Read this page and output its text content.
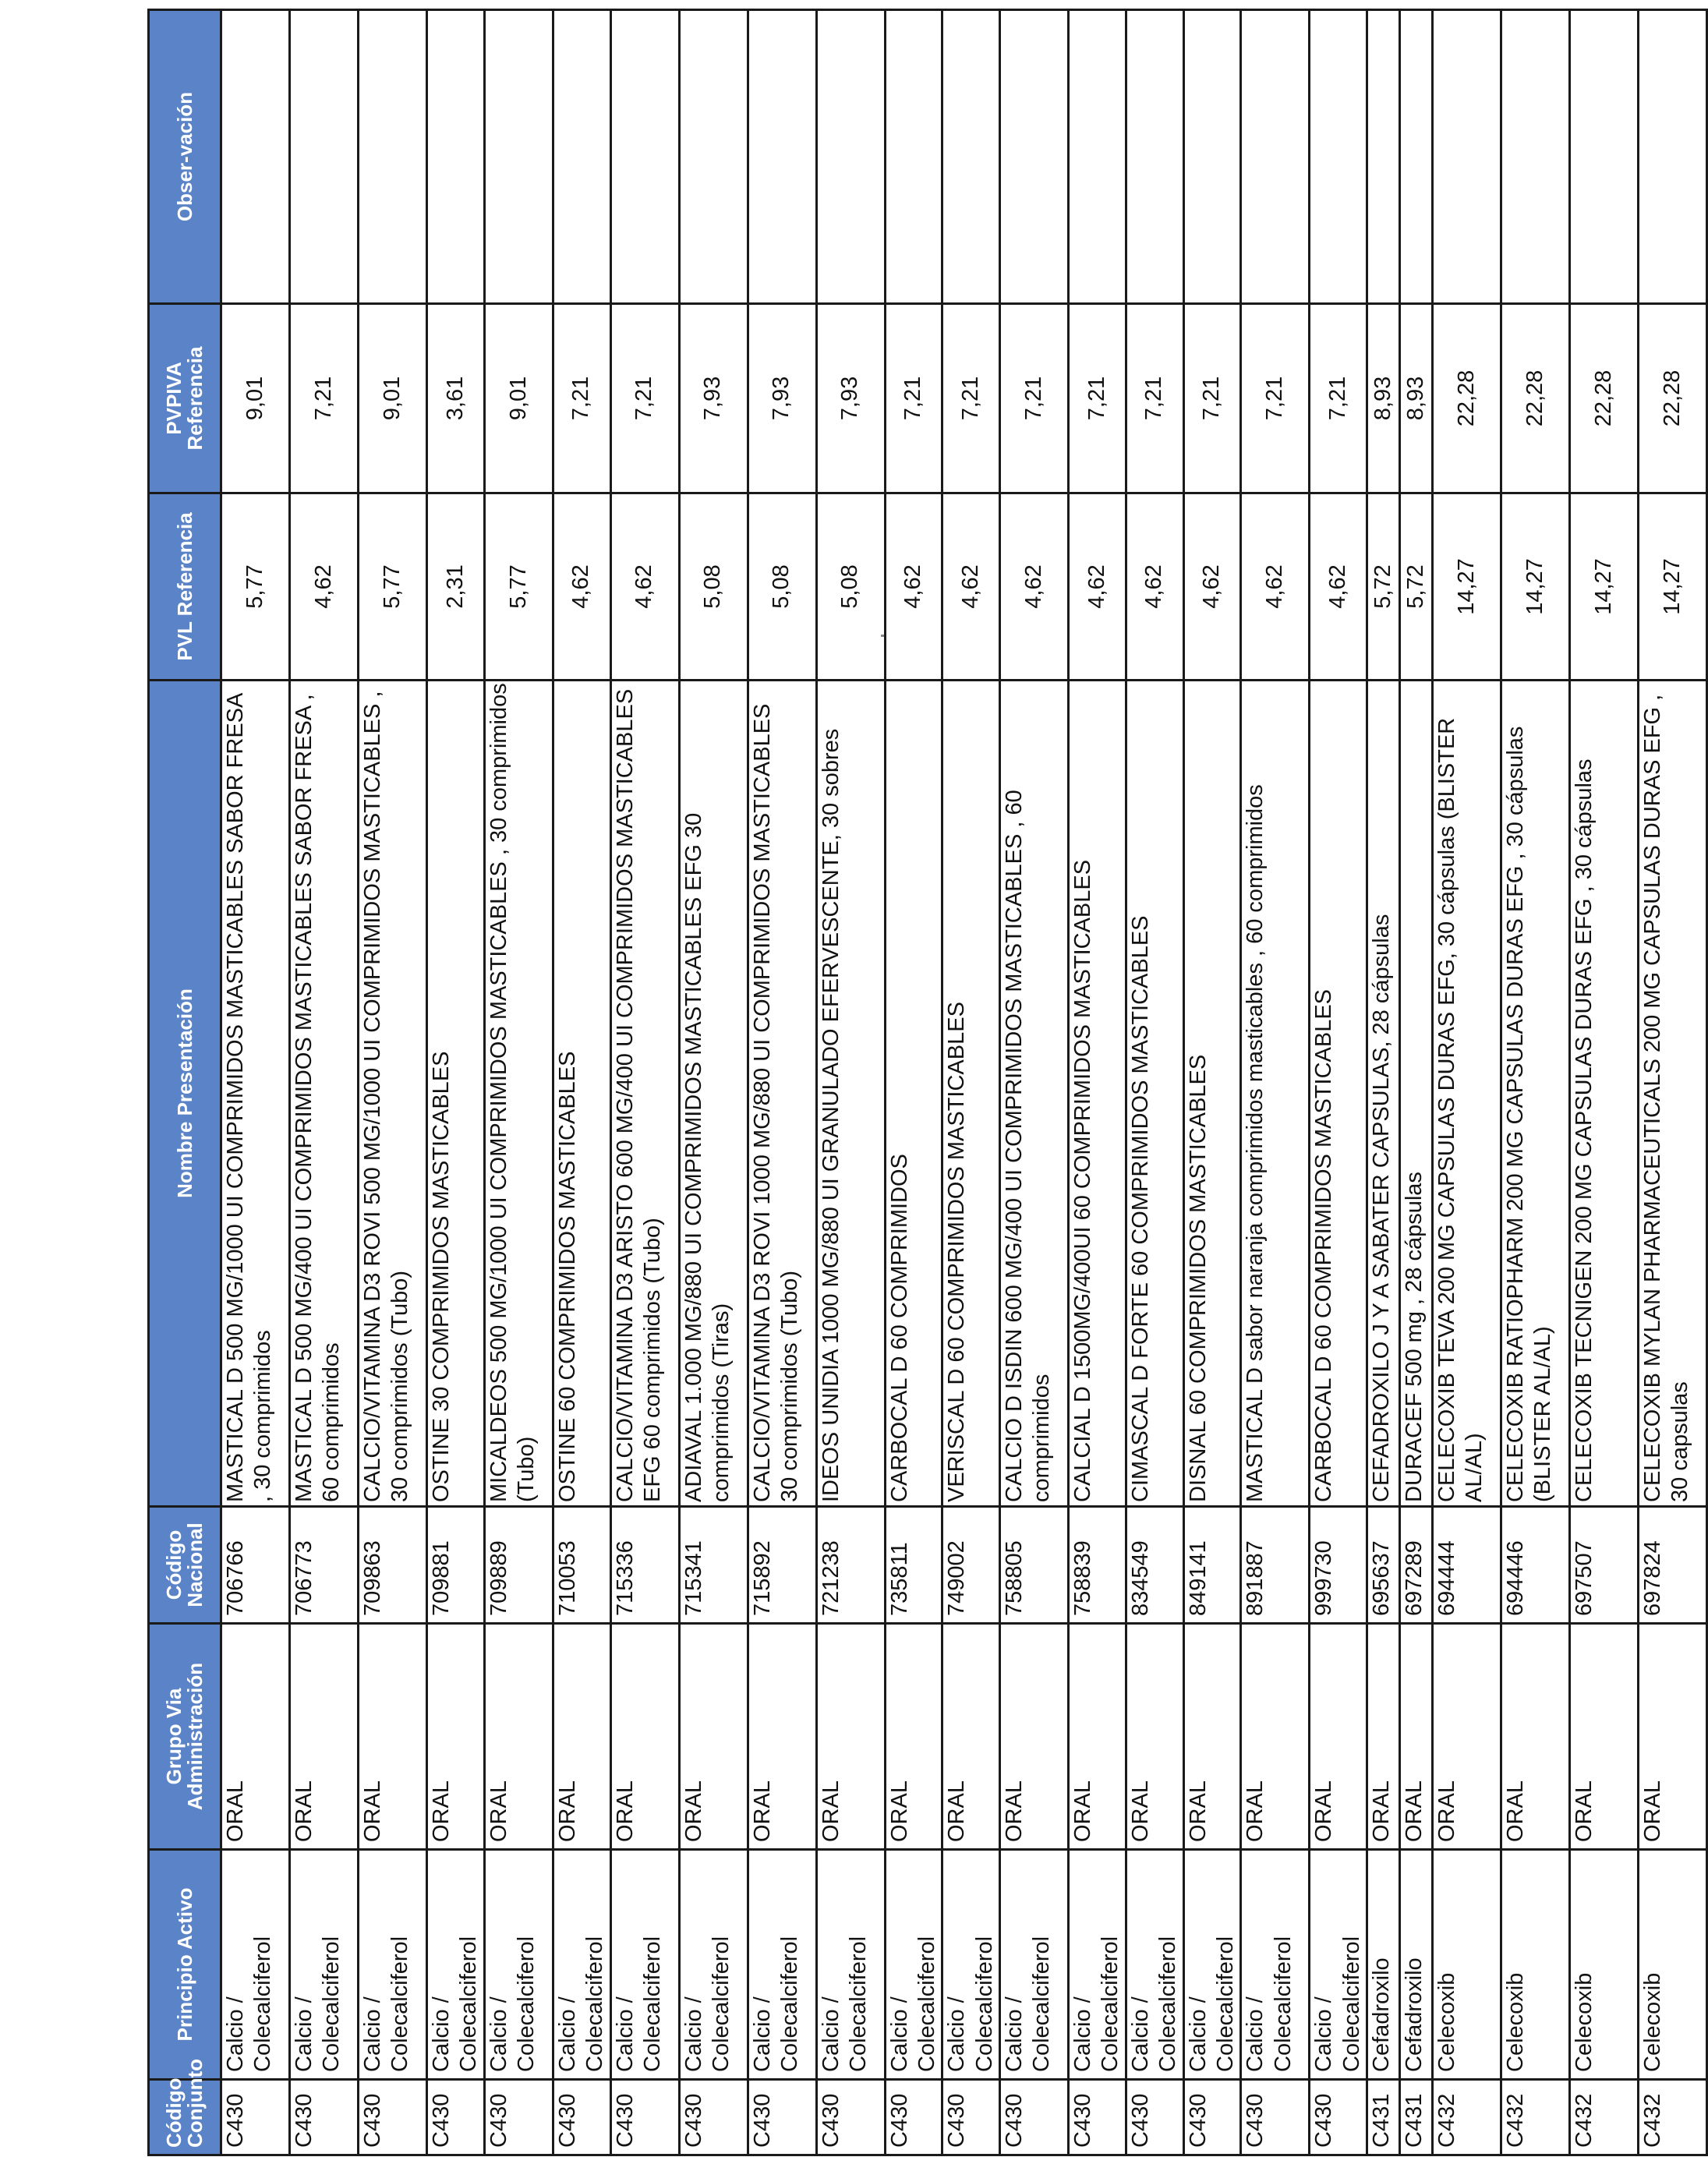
Código Conjunto	Principio Activo	Grupo Via Administración	Código Nacional	Nombre Presentación	PVL Referencia	PVPIVA Referencia	Obser-vación
C430	Calcio / Colecalciferol	ORAL	706766	MASTICAL D 500 MG/1000 UI COMPRIMIDOS MASTICABLES SABOR FRESA , 30 comprimidos	5,77	9,01	
C430	Calcio / Colecalciferol	ORAL	706773	MASTICAL D 500 MG/400 UI COMPRIMIDOS MASTICABLES SABOR FRESA , 60 comprimidos	4,62	7,21	
C430	Calcio / Colecalciferol	ORAL	709863	CALCIO/VITAMINA D3 ROVI 500 MG/1000 UI COMPRIMIDOS MASTICABLES , 30 comprimidos (Tubo)	5,77	9,01	
C430	Calcio / Colecalciferol	ORAL	709881	OSTINE 30 COMPRIMIDOS MASTICABLES	2,31	3,61	
C430	Calcio / Colecalciferol	ORAL	709889	MICALDEOS 500 MG/1000 UI COMPRIMIDOS MASTICABLES , 30 comprimidos (Tubo)	5,77	9,01	
C430	Calcio / Colecalciferol	ORAL	710053	OSTINE 60 COMPRIMIDOS MASTICABLES	4,62	7,21	
C430	Calcio / Colecalciferol	ORAL	715336	CALCIO/VITAMINA D3 ARISTO 600 MG/400 UI COMPRIMIDOS MASTICABLES EFG 60 comprimidos (Tubo)	4,62	7,21	
C430	Calcio / Colecalciferol	ORAL	715341	ADIAVAL 1.000 MG/880 UI COMPRIMIDOS MASTICABLES EFG 30 comprimidos (Tiras)	5,08	7,93	
C430	Calcio / Colecalciferol	ORAL	715892	CALCIO/VITAMINA D3 ROVI 1000 MG/880 UI COMPRIMIDOS MASTICABLES 30 comprimidos (Tubo)	5,08	7,93	
C430	Calcio / Colecalciferol	ORAL	721238	IDEOS UNIDIA 1000 MG/880 UI GRANULADO EFERVESCENTE, 30 sobres	5,08	7,93	
C430	Calcio / Colecalciferol	ORAL	735811	CARBOCAL D 60 COMPRIMIDOS	4,62	7,21	
C430	Calcio / Colecalciferol	ORAL	749002	VERISCAL D 60 COMPRIMIDOS MASTICABLES	4,62	7,21	
C430	Calcio / Colecalciferol	ORAL	758805	CALCIO D ISDIN 600 MG/400 UI COMPRIMIDOS MASTICABLES , 60 comprimidos	4,62	7,21	
C430	Calcio / Colecalciferol	ORAL	758839	CALCIAL D 1500MG/400UI 60 COMPRIMIDOS MASTICABLES	4,62	7,21	
C430	Calcio / Colecalciferol	ORAL	834549	CIMASCAL D FORTE 60 COMPRIMIDOS MASTICABLES	4,62	7,21	
C430	Calcio / Colecalciferol	ORAL	849141	DISNAL 60 COMPRIMIDOS MASTICABLES	4,62	7,21	
C430	Calcio / Colecalciferol	ORAL	891887	MASTICAL D sabor naranja comprimidos masticables , 60 comprimidos	4,62	7,21	
C430	Calcio / Colecalciferol	ORAL	999730	CARBOCAL D 60 COMPRIMIDOS MASTICABLES	4,62	7,21	
C431	Cefadroxilo	ORAL	695637	CEFADROXILO J Y A SABATER CAPSULAS, 28 cápsulas	5,72	8,93	
C431	Cefadroxilo	ORAL	697289	DURACEF 500 mg , 28 cápsulas	5,72	8,93	
C432	Celecoxib	ORAL	694444	CELECOXIB TEVA 200 MG CAPSULAS DURAS EFG, 30 cápsulas (BLISTER AL/AL)	14,27	22,28	
C432	Celecoxib	ORAL	694446	CELECOXIB RATIOPHARM 200 MG CAPSULAS DURAS EFG , 30 cápsulas (BLISTER AL/AL)	14,27	22,28	
C432	Celecoxib	ORAL	697507	CELECOXIB TECNIGEN 200 MG CAPSULAS DURAS EFG , 30 cápsulas	14,27	22,28	
C432	Celecoxib	ORAL	697824	CELECOXIB MYLAN PHARMACEUTICALS 200 MG CAPSULAS DURAS EFG , 30 capsulas	14,27	22,28	
